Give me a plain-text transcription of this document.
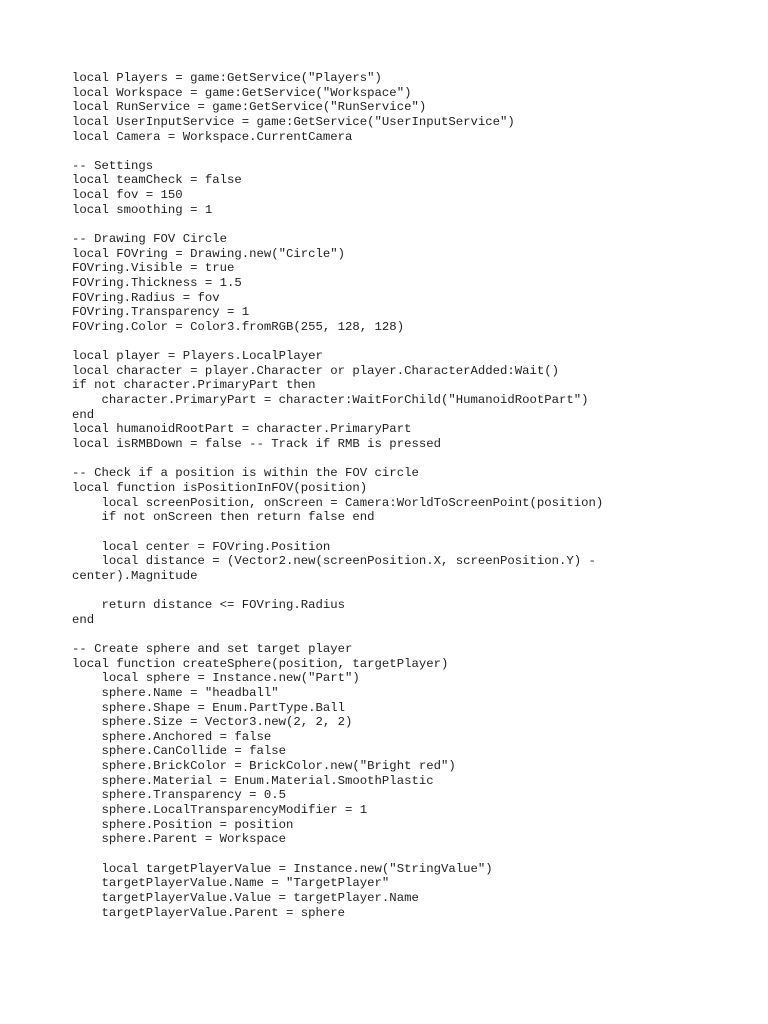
local Players = game:GetService("Players")
local Workspace = game:GetService("Workspace")
local RunService = game:GetService("RunService")
local UserInputService = game:GetService("UserInputService")
local Camera = Workspace.CurrentCamera
-- Settings
local teamCheck = false
local fov = 150
local smoothing = 1
-- Drawing FOV Circle
local FOVring = Drawing.new("Circle")
FOVring.Visible = true
FOVring.Thickness = 1.5
FOVring.Radius = fov
FOVring.Transparency = 1
FOVring.Color = Color3.fromRGB(255, 128, 128)
local player = Players.LocalPlayer
local character = player.Character or player.CharacterAdded:Wait()
if not character.PrimaryPart then
character.PrimaryPart = character:WaitForChild("HumanoidRootPart")
end
local humanoidRootPart = character.PrimaryPart
local isRMBDown = false -- Track if RMB is pressed
-- Check if a position is within the FOV circle
local function isPositionInFOV(position)
local screenPosition, onScreen = Camera:WorldToScreenPoint(position)
if not onScreen then return false end
local center = FOVring.Position
local distance = (Vector2.new(screenPosition.X, screenPosition.Y) -
center).Magnitude
return distance <= FOVring.Radius
end
-- Create sphere and set target player
local function createSphere(position, targetPlayer)
local sphere = Instance.new("Part")
sphere.Name = "headball"
sphere.Shape = Enum.PartType.Ball
sphere.Size = Vector3.new(2, 2, 2)
sphere.Anchored = false
sphere.CanCollide = false
sphere.BrickColor = BrickColor.new("Bright red")
sphere.Material = Enum.Material.SmoothPlastic
sphere.Transparency = 0.5
sphere.LocalTransparencyModifier = 1
sphere.Position = position
sphere.Parent = Workspace
local targetPlayerValue = Instance.new("StringValue")
targetPlayerValue.Name = "TargetPlayer"
targetPlayerValue.Value = targetPlayer.Name
targetPlayerValue.Parent = sphere
